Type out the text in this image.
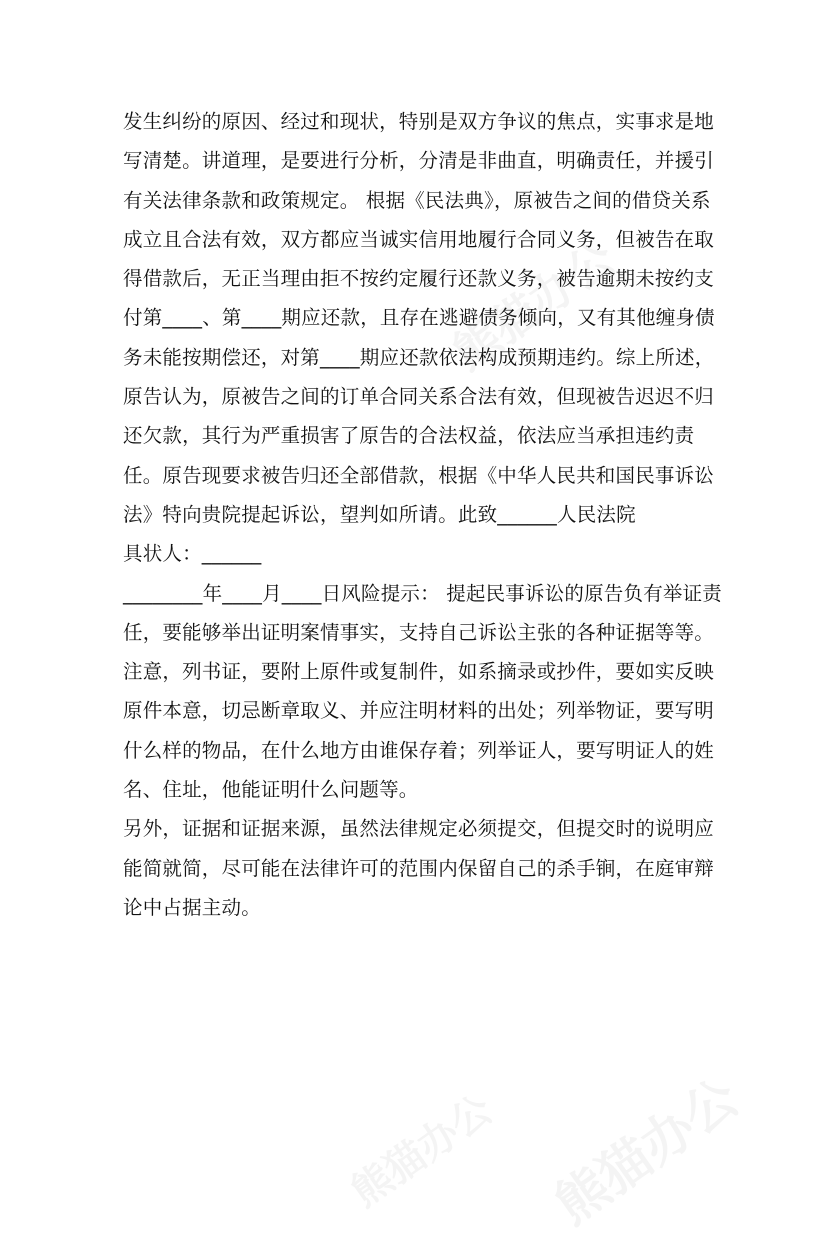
发生纠纷的原因、经过和现状，特别是双方争议的焦点，实事求是地写清楚。讲道理，是要进行分析，分清是非曲直，明确责任，并援引有关法律条款和政策规定。 根据《民法典》，原被告之间的借贷关系成立且合法有效，双方都应当诚实信用地履行合同义务，但被告在取得借款后，无正当理由拒不按约定履行还款义务，被告逾期未按约支付第____、第____期应还款，且存在逃避债务倾向，又有其他缠身债务未能按期偿还，对第____期应还款依法构成预期违约。综上所述，原告认为，原被告之间的订单合同关系合法有效，但现被告迟迟不归还欠款，其行为严重损害了原告的合法权益，依法应当承担违约责任。原告现要求被告归还全部借款，根据《中华人民共和国民事诉讼法》特向贵院提起诉讼，望判如所请。此致______人民法院

具状人：______

________年____月____日风险提示： 提起民事诉讼的原告负有举证责任，要能够举出证明案情事实，支持自己诉讼主张的各种证据等等。

注意，列书证，要附上原件或复制件，如系摘录或抄件，要如实反映原件本意，切忌断章取义、并应注明材料的出处；列举物证，要写明什么样的物品，在什么地方由谁保存着；列举证人，要写明证人的姓名、住址，他能证明什么问题等。

另外，证据和证据来源，虽然法律规定必须提交，但提交时的说明应能简就简，尽可能在法律许可的范围内保留自己的杀手锏，在庭审辩论中占据主动。
